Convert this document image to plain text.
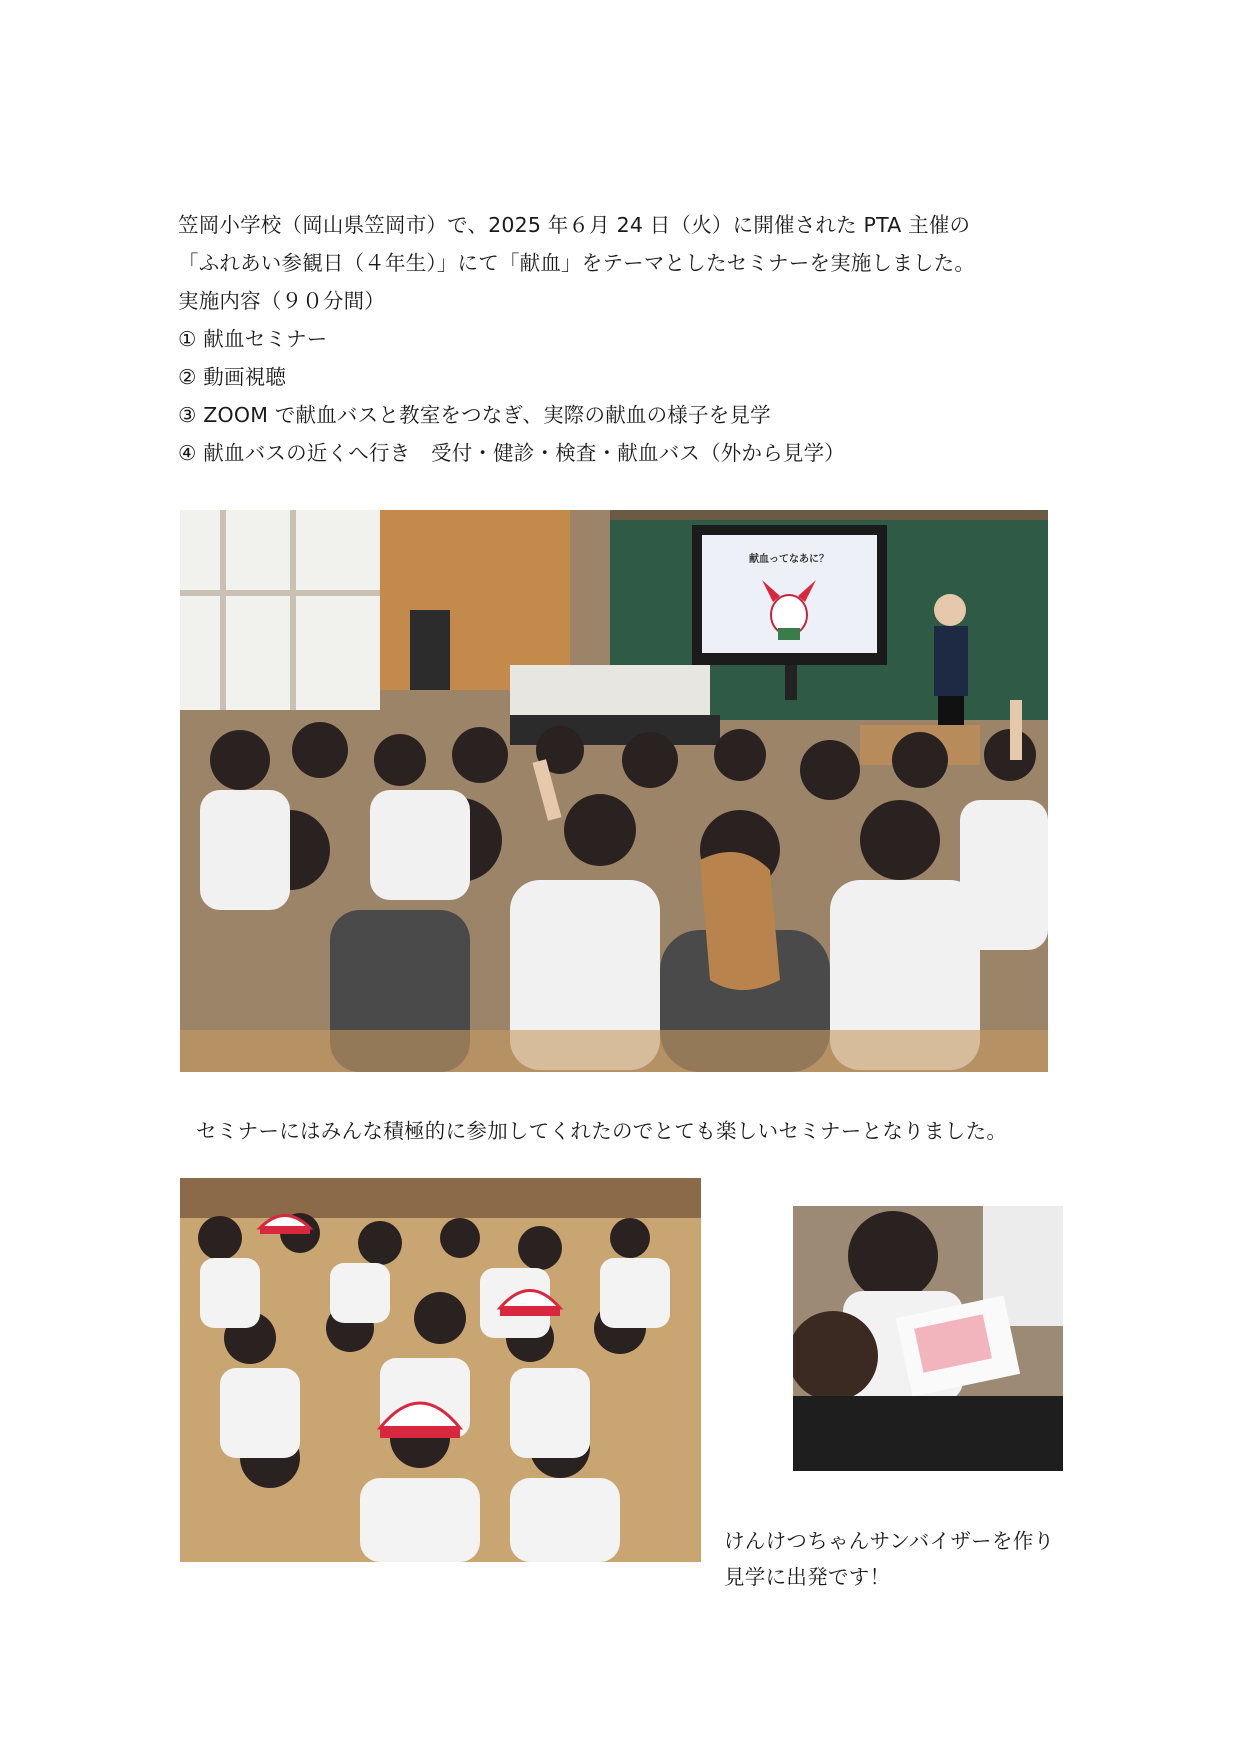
笠岡小学校（岡山県笠岡市）で、2025 年６月 24 日（火）に開催された PTA 主催の
「ふれあい参観日（４年生）」にて「献血」をテーマとしたセミナーを実施しました。
実施内容（９０分間）
① 献血セミナー
② 動画視聴
③ ZOOM で献血バスと教室をつなぎ、実際の献血の様子を見学
④ 献血バスの近くへ行き　受付・健診・検査・献血バス（外から見学）
献血ってなあに？
セミナーにはみんな積極的に参加してくれたのでとても楽しいセミナーとなりました。
けんけつちゃんサンバイザーを作り
見学に出発です！
